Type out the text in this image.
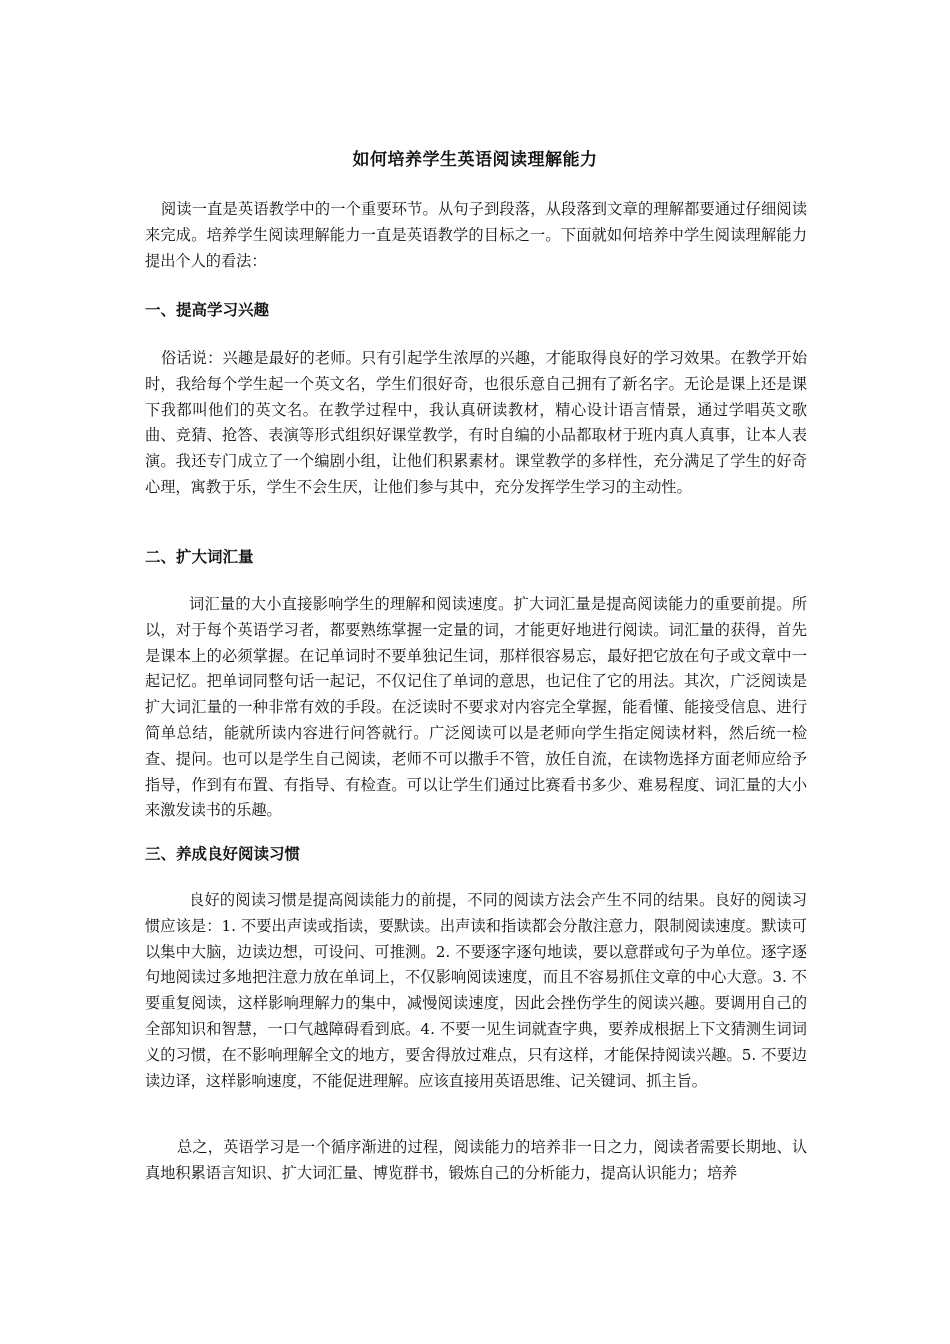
如何培养学生英语阅读理解能力

阅读一直是英语教学中的一个重要环节。从句子到段落，从段落到文章的理解都要通过仔细阅读来完成。培养学生阅读理解能力一直是英语教学的目标之一。下面就如何培养中学生阅读理解能力提出个人的看法：

一、提高学习兴趣

俗话说：兴趣是最好的老师。只有引起学生浓厚的兴趣，才能取得良好的学习效果。在教学开始时，我给每个学生起一个英文名，学生们很好奇，也很乐意自己拥有了新名字。无论是课上还是课下我都叫他们的英文名。在教学过程中，我认真研读教材，精心设计语言情景，通过学唱英文歌曲、竞猜、抢答、表演等形式组织好课堂教学，有时自编的小品都取材于班内真人真事，让本人表演。我还专门成立了一个编剧小组，让他们积累素材。课堂教学的多样性，充分满足了学生的好奇心理，寓教于乐，学生不会生厌，让他们参与其中，充分发挥学生学习的主动性。

二、扩大词汇量

词汇量的大小直接影响学生的理解和阅读速度。扩大词汇量是提高阅读能力的重要前提。所以，对于每个英语学习者，都要熟练掌握一定量的词，才能更好地进行阅读。词汇量的获得，首先是课本上的必须掌握。在记单词时不要单独记生词，那样很容易忘，最好把它放在句子或文章中一起记忆。把单词同整句话一起记，不仅记住了单词的意思，也记住了它的用法。其次，广泛阅读是扩大词汇量的一种非常有效的手段。在泛读时不要求对内容完全掌握，能看懂、能接受信息、进行简单总结，能就所读内容进行问答就行。广泛阅读可以是老师向学生指定阅读材料，然后统一检查、提问。也可以是学生自己阅读，老师不可以撒手不管，放任自流，在读物选择方面老师应给予指导，作到有布置、有指导、有检查。可以让学生们通过比赛看书多少、难易程度、词汇量的大小来激发读书的乐趣。

三、养成良好阅读习惯

良好的阅读习惯是提高阅读能力的前提，不同的阅读方法会产生不同的结果。良好的阅读习惯应该是：1. 不要出声读或指读，要默读。出声读和指读都会分散注意力，限制阅读速度。默读可以集中大脑，边读边想，可设问、可推测。2. 不要逐字逐句地读，要以意群或句子为单位。逐字逐句地阅读过多地把注意力放在单词上，不仅影响阅读速度，而且不容易抓住文章的中心大意。3. 不要重复阅读，这样影响理解力的集中，减慢阅读速度，因此会挫伤学生的阅读兴趣。要调用自己的全部知识和智慧，一口气越障碍看到底。4. 不要一见生词就查字典，要养成根据上下文猜测生词词义的习惯，在不影响理解全文的地方，要舍得放过难点，只有这样，才能保持阅读兴趣。5. 不要边读边译，这样影响速度，不能促进理解。应该直接用英语思维、记关键词、抓主旨。

总之，英语学习是一个循序渐进的过程，阅读能力的培养非一日之力，阅读者需要长期地、认真地积累语言知识、扩大词汇量、博览群书，锻炼自己的分析能力，提高认识能力；培养
